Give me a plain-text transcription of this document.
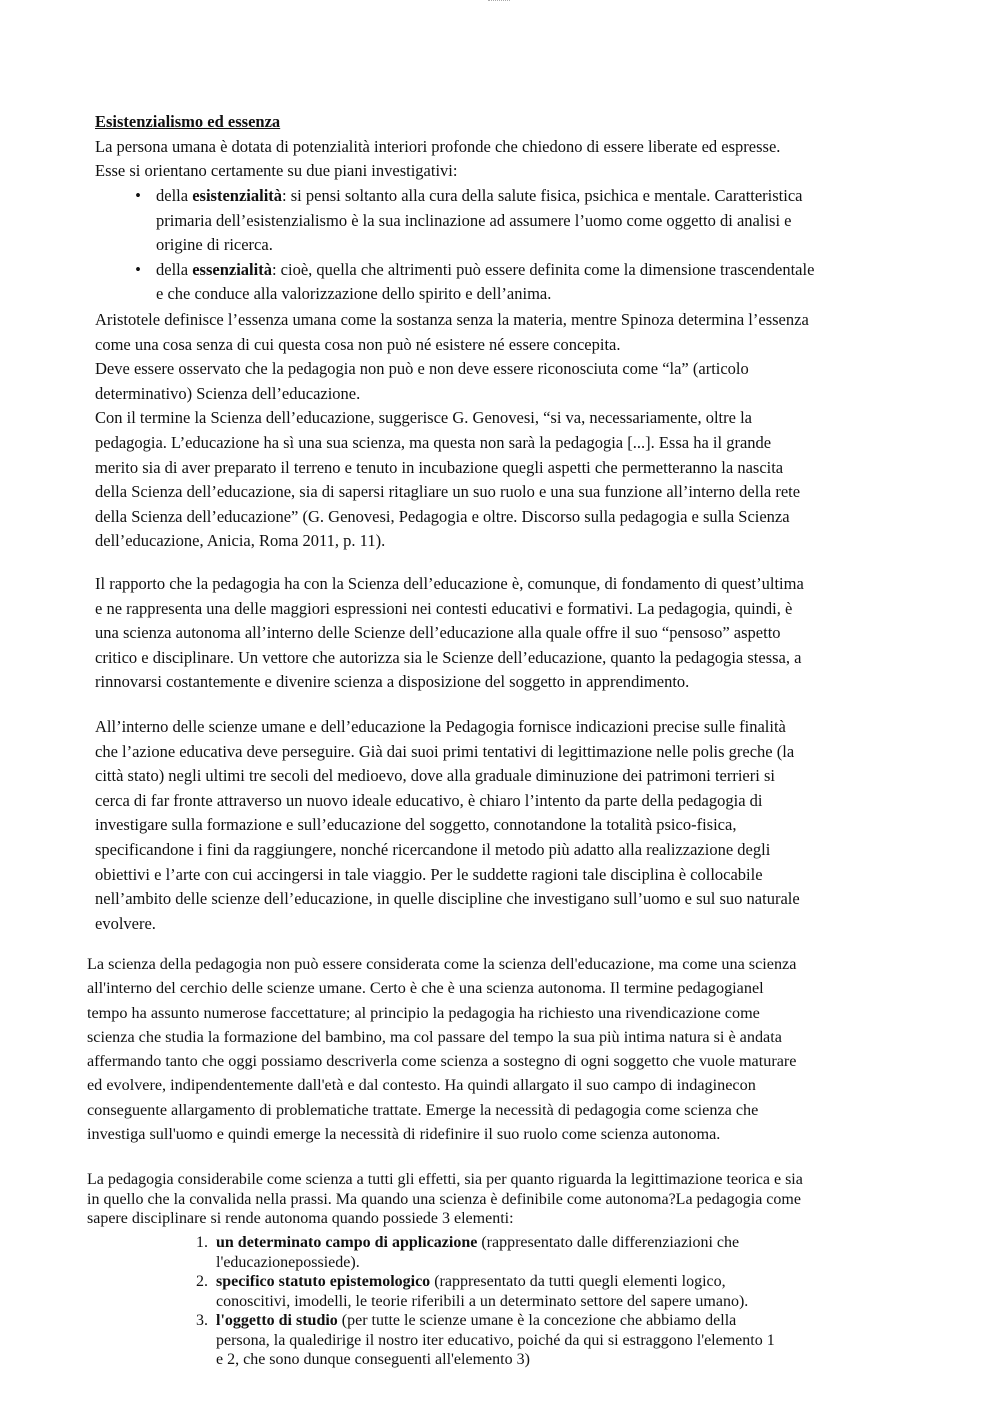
Esistenzialismo ed essenza
La persona umana è dotata di potenzialità interiori profonde che chiedono di essere liberate ed espresse.
Esse si orientano certamente su due piani investigativi:
• della esistenzialità: si pensi soltanto alla cura della salute fisica, psichica e mentale. Caratteristica
primaria dell’esistenzialismo è la sua inclinazione ad assumere l’uomo come oggetto di analisi e
origine di ricerca.
• della essenzialità: cioè, quella che altrimenti può essere definita come la dimensione trascendentale
e che conduce alla valorizzazione dello spirito e dell’anima.
Aristotele definisce l’essenza umana come la sostanza senza la materia, mentre Spinoza determina l’essenza
come una cosa senza di cui questa cosa non può né esistere né essere concepita.
Deve essere osservato che la pedagogia non può e non deve essere riconosciuta come “la” (articolo
determinativo) Scienza dell’educazione.
Con il termine la Scienza dell’educazione, suggerisce G. Genovesi, “si va, necessariamente, oltre la
pedagogia. L’educazione ha sì una sua scienza, ma questa non sarà la pedagogia [...]. Essa ha il grande
merito sia di aver preparato il terreno e tenuto in incubazione quegli aspetti che permetteranno la nascita
della Scienza dell’educazione, sia di sapersi ritagliare un suo ruolo e una sua funzione all’interno della rete
della Scienza dell’educazione” (G. Genovesi, Pedagogia e oltre. Discorso sulla pedagogia e sulla Scienza
dell’educazione, Anicia, Roma 2011, p. 11).
Il rapporto che la pedagogia ha con la Scienza dell’educazione è, comunque, di fondamento di quest’ultima
e ne rappresenta una delle maggiori espressioni nei contesti educativi e formativi. La pedagogia, quindi, è
una scienza autonoma all’interno delle Scienze dell’educazione alla quale offre il suo “pensoso” aspetto
critico e disciplinare. Un vettore che autorizza sia le Scienze dell’educazione, quanto la pedagogia stessa, a
rinnovarsi costantemente e divenire scienza a disposizione del soggetto in apprendimento.
All’interno delle scienze umane e dell’educazione la Pedagogia fornisce indicazioni precise sulle finalità
che l’azione educativa deve perseguire. Già dai suoi primi tentativi di legittimazione nelle polis greche (la
città stato) negli ultimi tre secoli del medioevo, dove alla graduale diminuzione dei patrimoni terrieri si
cerca di far fronte attraverso un nuovo ideale educativo, è chiaro l’intento da parte della pedagogia di
investigare sulla formazione e sull’educazione del soggetto, connotandone la totalità psico-fisica,
specificandone i fini da raggiungere, nonché ricercandone il metodo più adatto alla realizzazione degli
obiettivi e l’arte con cui accingersi in tale viaggio. Per le suddette ragioni tale disciplina è collocabile
nell’ambito delle scienze dell’educazione, in quelle discipline che investigano sull’uomo e sul suo naturale
evolvere.
La scienza della pedagogia non può essere considerata come la scienza dell'educazione, ma come una scienza
all'interno del cerchio delle scienze umane. Certo è che è una scienza autonoma. Il termine pedagogianel
tempo ha assunto numerose faccettature; al principio la pedagogia ha richiesto una rivendicazione come
scienza che studia la formazione del bambino, ma col passare del tempo la sua più intima natura si è andata
affermando tanto che oggi possiamo descriverla come scienza a sostegno di ogni soggetto che vuole maturare
ed evolvere, indipendentemente dall'età e dal contesto. Ha quindi allargato il suo campo di indaginecon
conseguente allargamento di problematiche trattate. Emerge la necessità di pedagogia come scienza che
investiga sull'uomo e quindi emerge la necessità di ridefinire il suo ruolo come scienza autonoma.
La pedagogia considerabile come scienza a tutti gli effetti, sia per quanto riguarda la legittimazione teorica e sia
in quello che la convalida nella prassi. Ma quando una scienza è definibile come autonoma?La pedagogia come
sapere disciplinare si rende autonoma quando possiede 3 elementi:
1. un determinato campo di applicazione (rappresentato dalle differenziazioni che
l'educazionepossiede).
2. specifico statuto epistemologico (rappresentato da tutti quegli elementi logico,
conoscitivi, imodelli, le teorie riferibili a un determinato settore del sapere umano).
3. l'oggetto di studio (per tutte le scienze umane è la concezione che abbiamo della
persona, la qualedirige il nostro iter educativo, poiché da qui si estraggono l'elemento 1
e 2, che sono dunque conseguenti all'elemento 3)
